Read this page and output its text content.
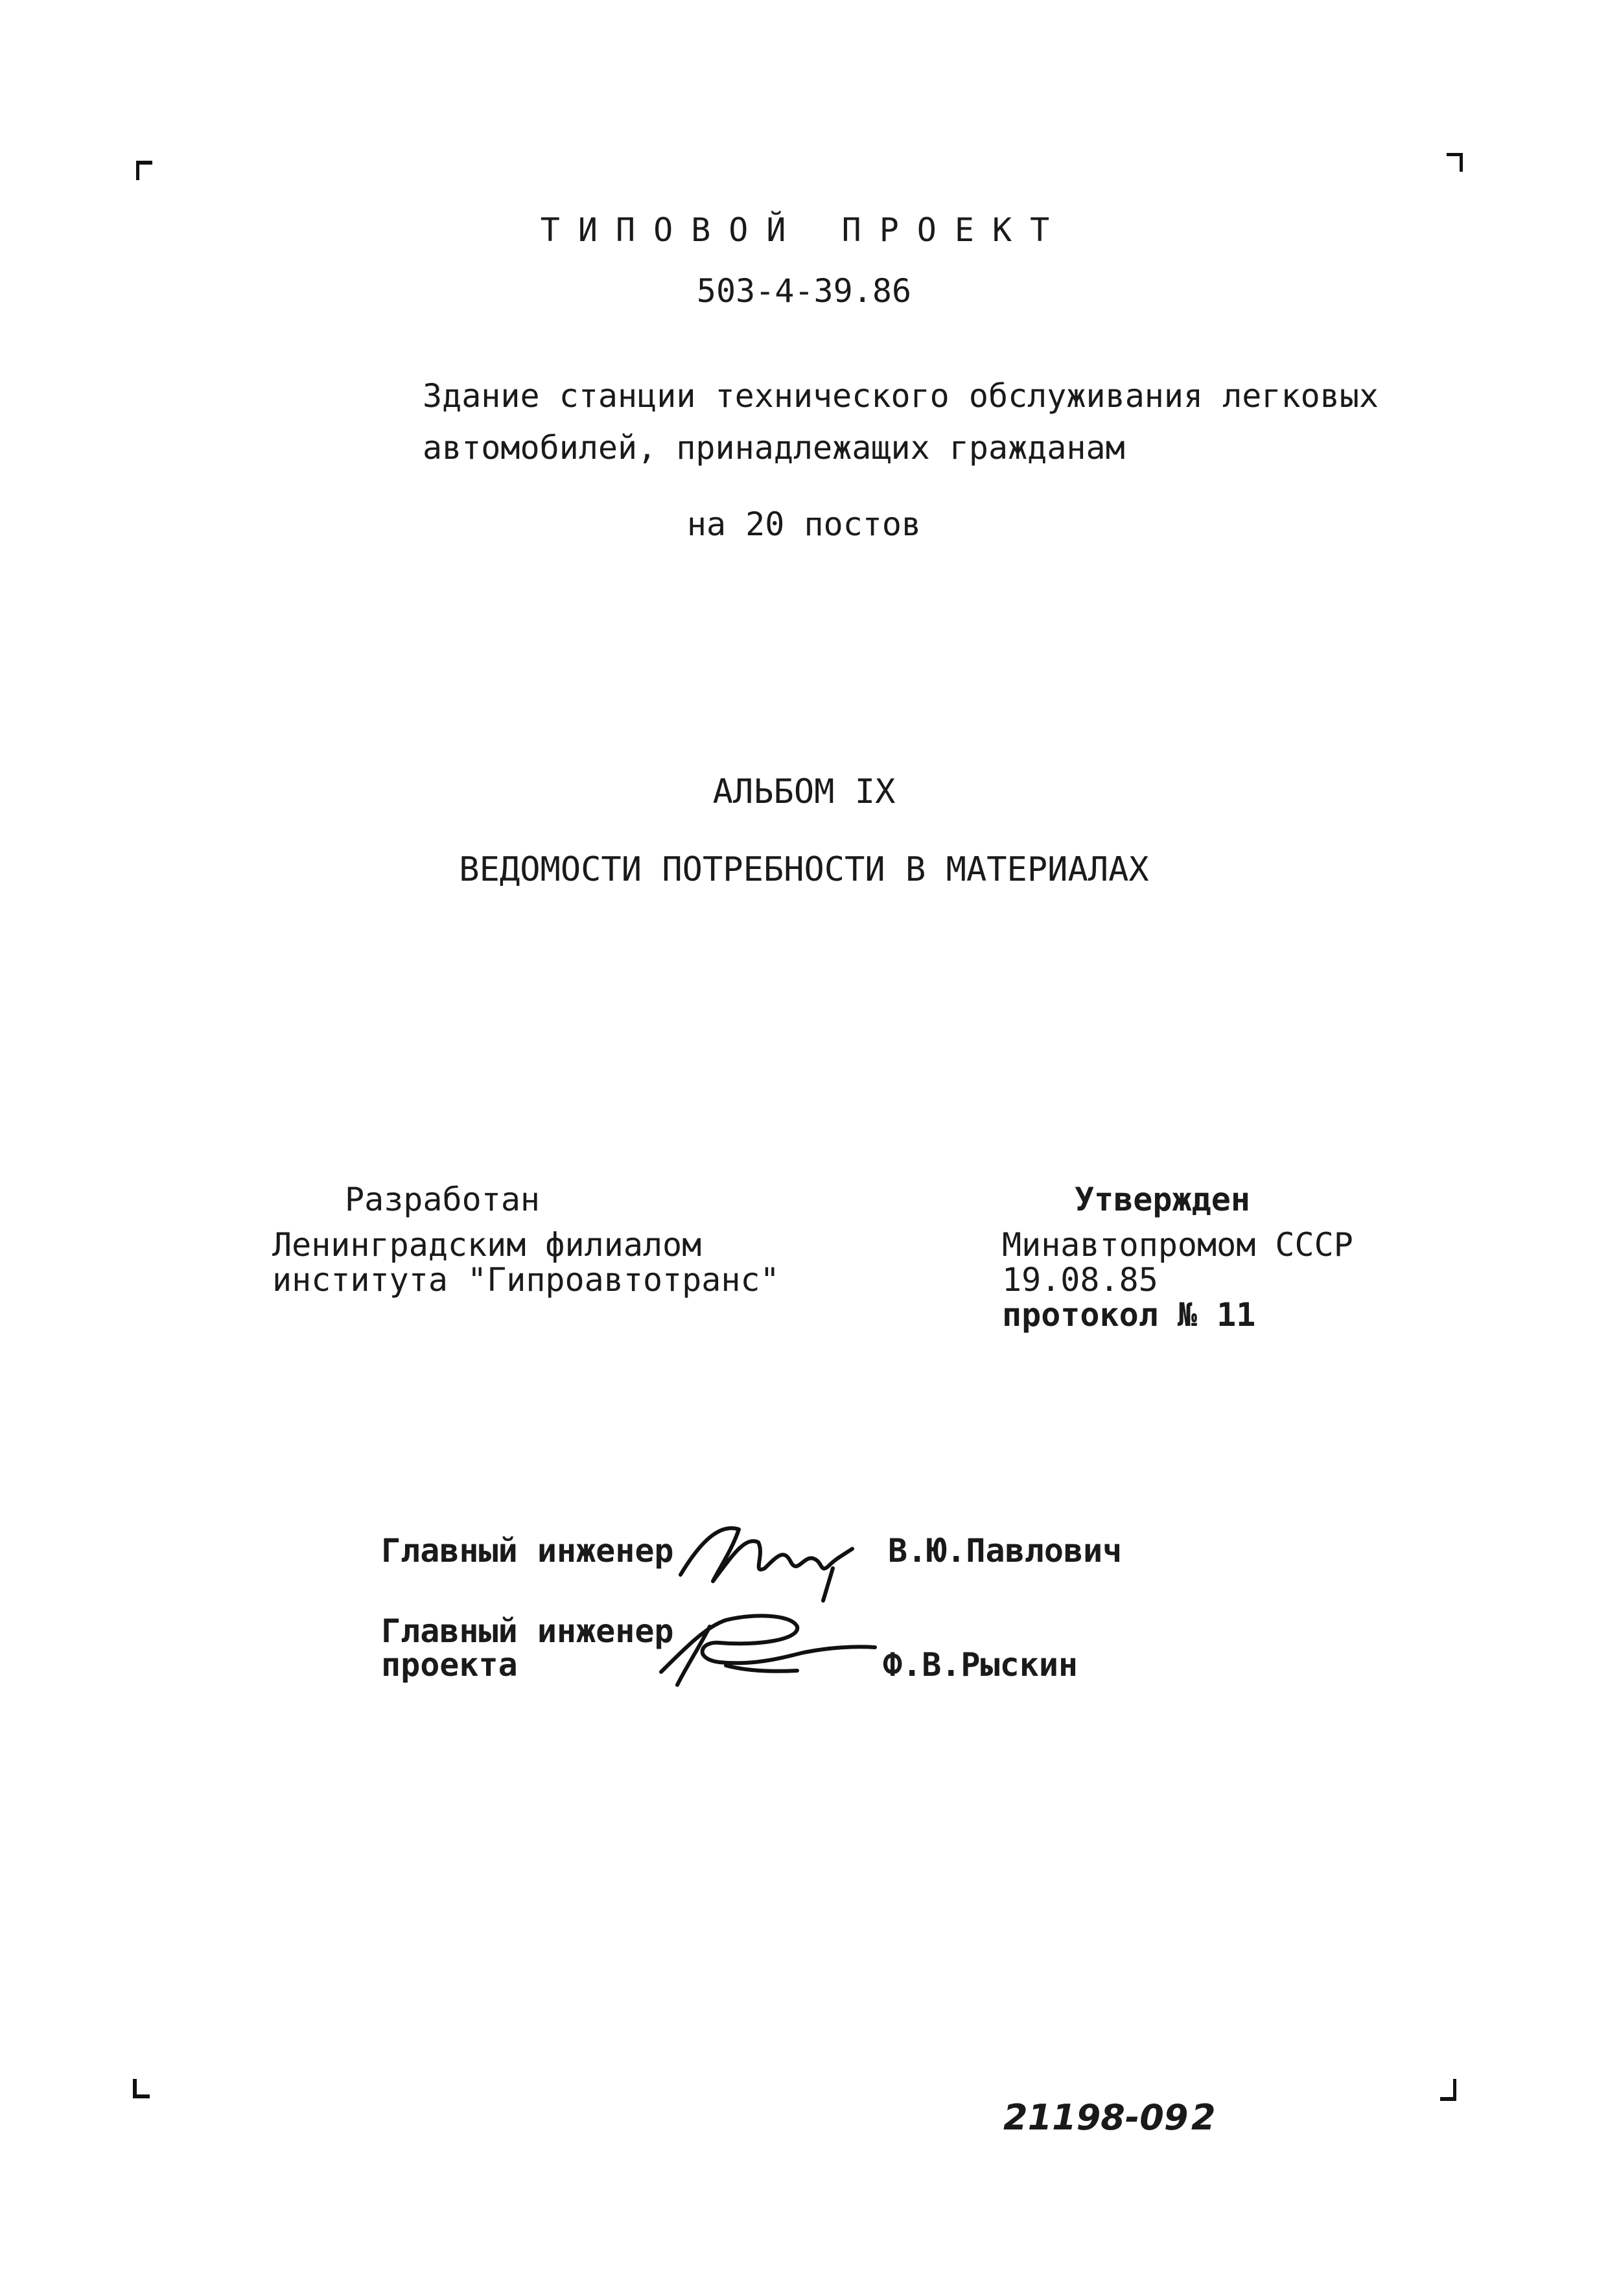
ТИПОВОЙ ПРОЕКТ
503-4-39.86
Здание станции технического обслуживания легковых
автомобилей, принадлежащих гражданам
на 20 постов
АЛЬБОМ IX
ВЕДОМОСТИ ПОТРЕБНОСТИ В МАТЕРИАЛАХ
Разработан
Ленинградским филиалом
института "Гипроавтотранс"
Утвержден
Минавтопромом СССР
19.08.85
протокол № 11
Главный инженер	В.Ю.Павлович
Главный инженер
проекта	Ф.В.Рыскин
21198-09 2
